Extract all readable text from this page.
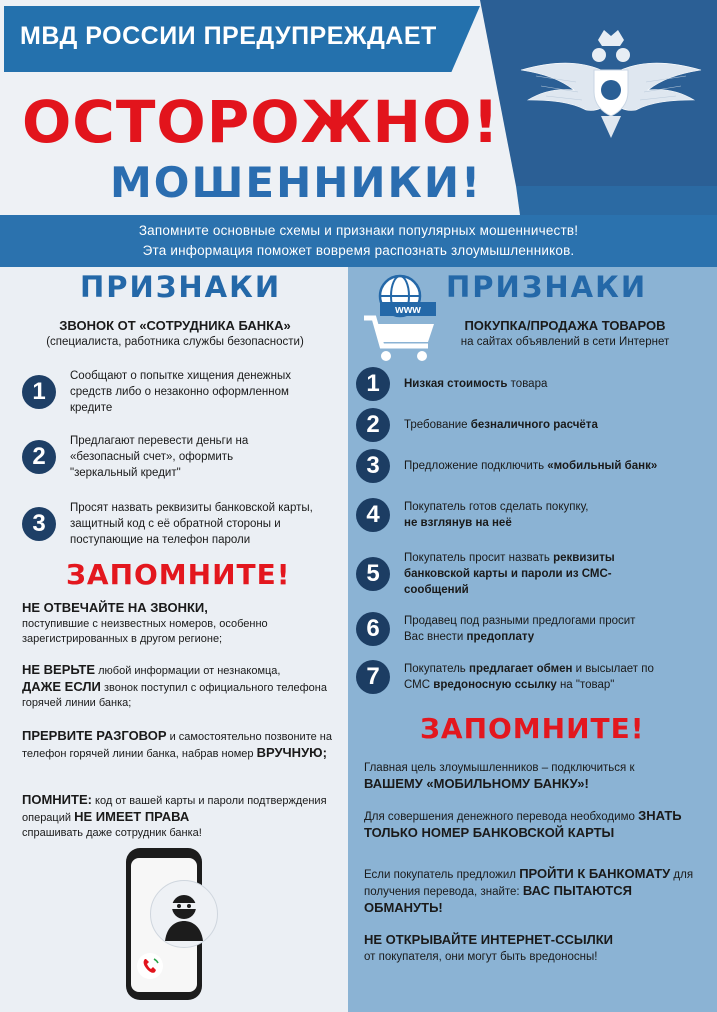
МВД РОССИИ ПРЕДУПРЕЖДАЕТ
ОСТОРОЖНО!
МОШЕННИКИ!
Запомните основные схемы и признаки популярных мошенничеств!
Эта информация поможет вовремя распознать злоумышленников.
ПРИЗНАКИ
ЗВОНОК ОТ «СОТРУДНИКА БАНКА»
(специалиста, работника службы безопасности)
1
Сообщают о попытке хищения денежных средств либо о незаконно оформленном кредите
2
Предлагают перевести деньги на «безопасный счет», оформить "зеркальный кредит"
3
Просят назвать реквизиты банковской карты, защитный код с её обратной стороны и поступающие на телефон пароли
ЗАПОМНИТЕ!
НЕ ОТВЕЧАЙТЕ НА ЗВОНКИ,
поступившие с неизвестных номеров, особенно зарегистрированных в другом регионе;
НЕ ВЕРЬТЕ любой информации от незнакомца,
ДАЖЕ ЕСЛИ звонок поступил с официального телефона горячей линии банка;
ПРЕРВИТЕ РАЗГОВОР и самостоятельно позвоните на телефон горячей линии банка, набрав номер ВРУЧНУЮ;
ПОМНИТЕ: код от вашей карты и пароли подтверждения операций НЕ ИМЕЕТ ПРАВА
спрашивать даже сотрудник банка!
www
ПРИЗНАКИ
ПОКУПКА/ПРОДАЖА ТОВАРОВ
на сайтах объявлений в сети Интернет
1	Низкая стоимость товара
2	Требование безналичного расчёта
3	Предложение подключить «мобильный банк»
4	Покупатель готов сделать покупку,
не взглянув на неё
5
Покупатель просит назвать реквизиты банковской карты и пароли из СМС-сообщений
6	Продавец под разными предлогами просит Вас внести предоплату
7	Покупатель предлагает обмен и высылает по СМС вредоносную ссылку на "товар"
ЗАПОМНИТЕ!
Главная цель злоумышленников – подключиться к ВАШЕМУ «МОБИЛЬНОМУ БАНКУ»!
Для совершения денежного перевода необходимо ЗНАТЬ ТОЛЬКО НОМЕР БАНКОВСКОЙ КАРТЫ
Если покупатель предложил ПРОЙТИ К БАНКОМАТУ для получения перевода, знайте: ВАС ПЫТАЮТСЯ ОБМАНУТЬ!
НЕ ОТКРЫВАЙТЕ ИНТЕРНЕТ-ССЫЛКИ
от покупателя, они могут быть вредоносны!
